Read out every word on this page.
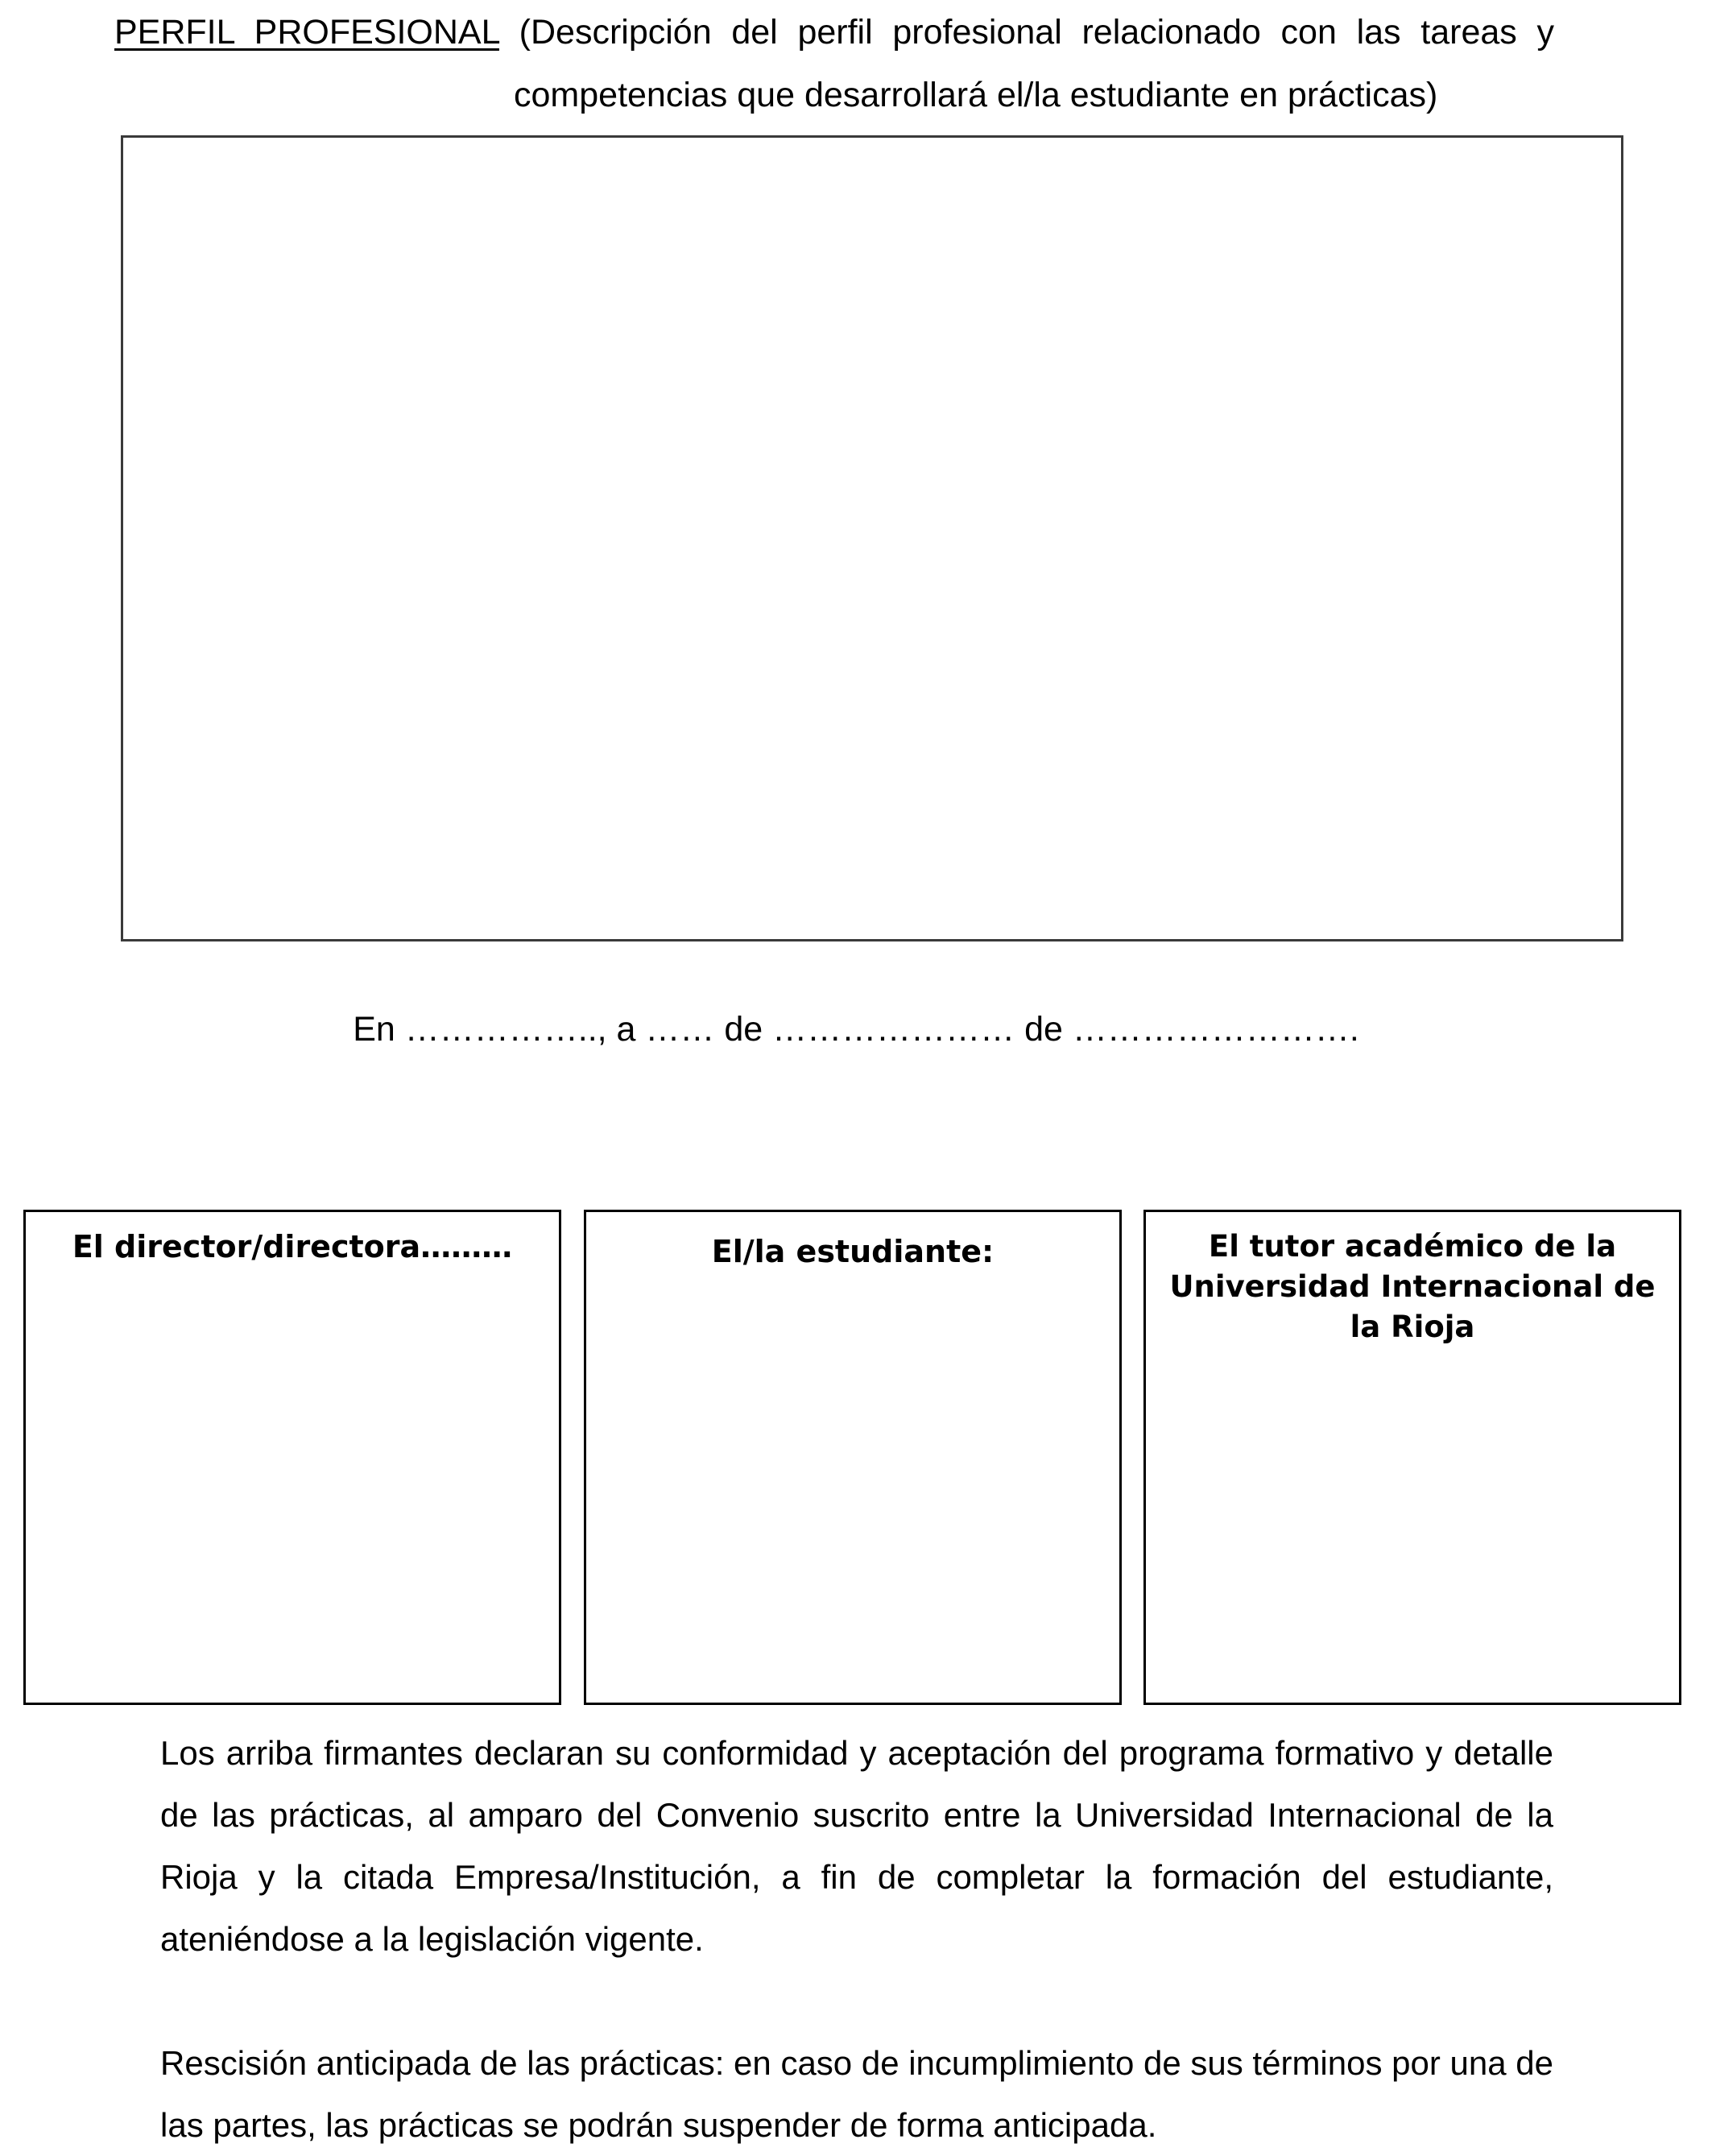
PERFIL PROFESIONAL (Descripción del perfil profesional relacionado con las tareas y
competencias que desarrollará el/la estudiante en prácticas)
En …………….., a …… de ………………… de …………………….
El director/directora………	El/la estudiante:	El tutor académico de la Universidad Internacional de la Rioja

Los arriba firmantes declaran su conformidad y aceptación del programa formativo y detalle de las prácticas, al amparo del Convenio suscrito entre la Universidad Internacional de la Rioja y la citada Empresa/Institución, a fin de completar la formación del estudiante, ateniéndose a la legislación vigente.

Rescisión anticipada de las prácticas: en caso de incumplimiento de sus términos por una de las partes, las prácticas se podrán suspender de forma anticipada.
